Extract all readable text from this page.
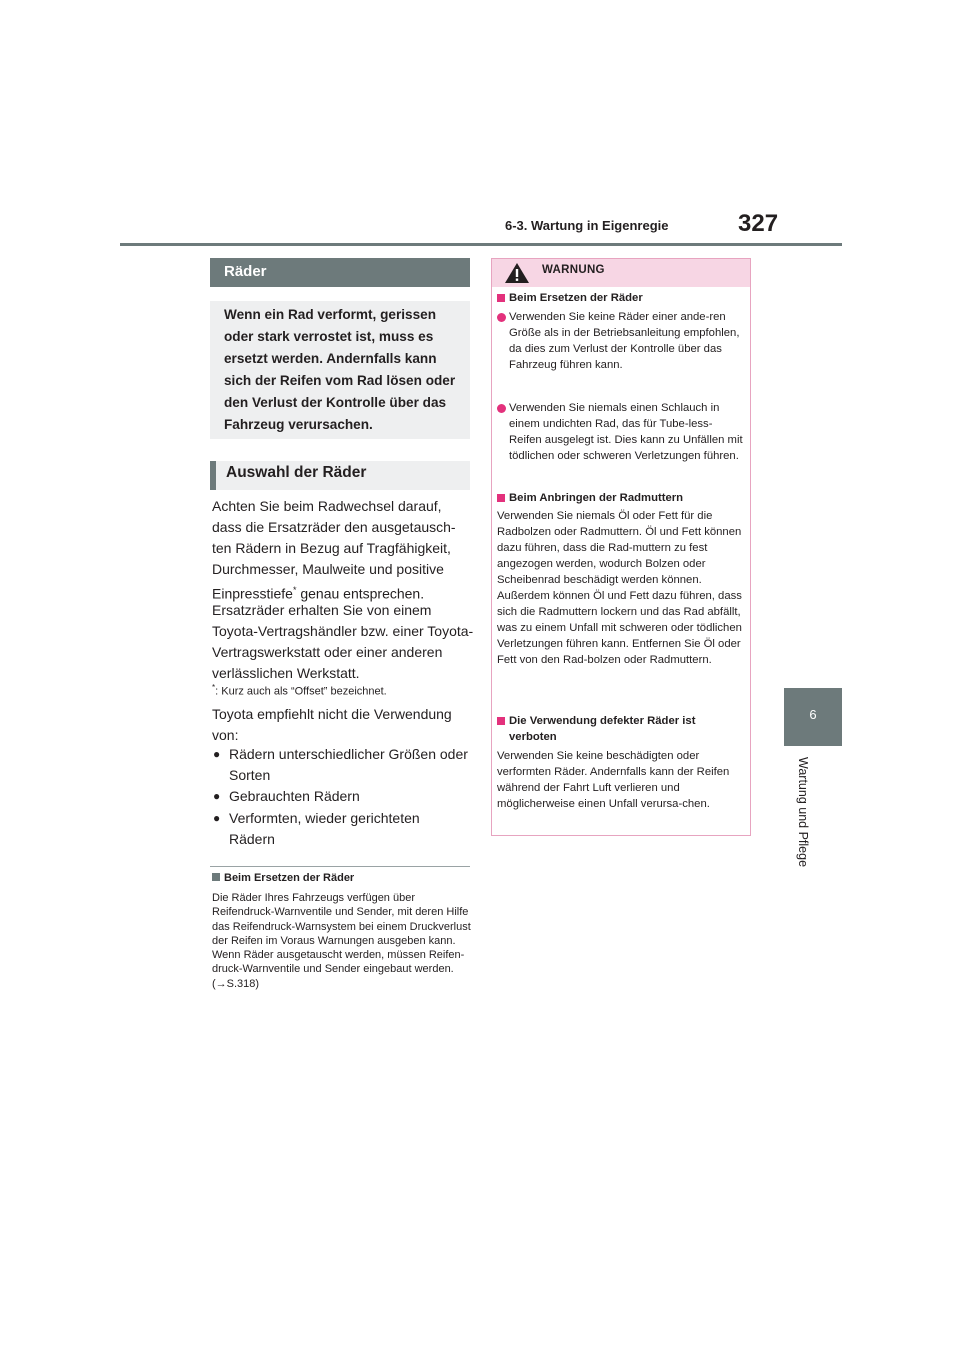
6-3. Wartung in Eigenregie	327
6
Wartung und Pflege
Räder
Wenn ein Rad verformt, gerissen oder stark verrostet ist, muss es ersetzt werden. Andernfalls kann sich der Reifen vom Rad lösen oder den Verlust der Kontrolle über das Fahrzeug verursachen.
Auswahl der Räder
Achten Sie beim Radwechsel darauf, dass die Ersatzräder den ausgetausch-ten Rädern in Bezug auf Tragfähigkeit, Durchmesser, Maulweite und positive Einpresstiefe* genau entsprechen.
Ersatzräder erhalten Sie von einem Toyota-Vertragshändler bzw. einer Toyota-Vertragswerkstatt oder einer anderen verlässlichen Werkstatt.
*: Kurz auch als “Offset” bezeichnet.
Toyota empfiehlt nicht die Verwendung von:
● Rädern unterschiedlicher Größen oder Sorten
● Gebrauchten Rädern
● Verformten, wieder gerichteten Rädern
Beim Ersetzen der Räder
Die Räder Ihres Fahrzeugs verfügen über Reifendruck-Warnventile und Sender, mit deren Hilfe das Reifendruck-Warnsystem bei einem Druckverlust der Reifen im Voraus Warnungen ausgeben kann. Wenn Räder ausgetauscht werden, müssen Reifen-druck-Warnventile und Sender eingebaut werden. (→S.318)
WARNUNG
Beim Ersetzen der Räder
Verwenden Sie keine Räder einer ande-ren Größe als in der Betriebsanleitung empfohlen, da dies zum Verlust der Kontrolle über das Fahrzeug führen kann.
Verwenden Sie niemals einen Schlauch in einem undichten Rad, das für Tube-less-Reifen ausgelegt ist. Dies kann zu Unfällen mit tödlichen oder schweren Verletzungen führen.
Beim Anbringen der Radmuttern
Verwenden Sie niemals Öl oder Fett für die Radbolzen oder Radmuttern. Öl und Fett können dazu führen, dass die Rad-muttern zu fest angezogen werden, wodurch Bolzen oder Scheibenrad beschädigt werden können. Außerdem können Öl und Fett dazu führen, dass sich die Radmuttern lockern und das Rad abfällt, was zu einem Unfall mit schweren oder tödlichen Verletzungen führen kann. Entfernen Sie Öl oder Fett von den Rad-bolzen oder Radmuttern.
Die Verwendung defekter Räder ist verboten
Verwenden Sie keine beschädigten oder verformten Räder. Andernfalls kann der Reifen während der Fahrt Luft verlieren und möglicherweise einen Unfall verursa-chen.
